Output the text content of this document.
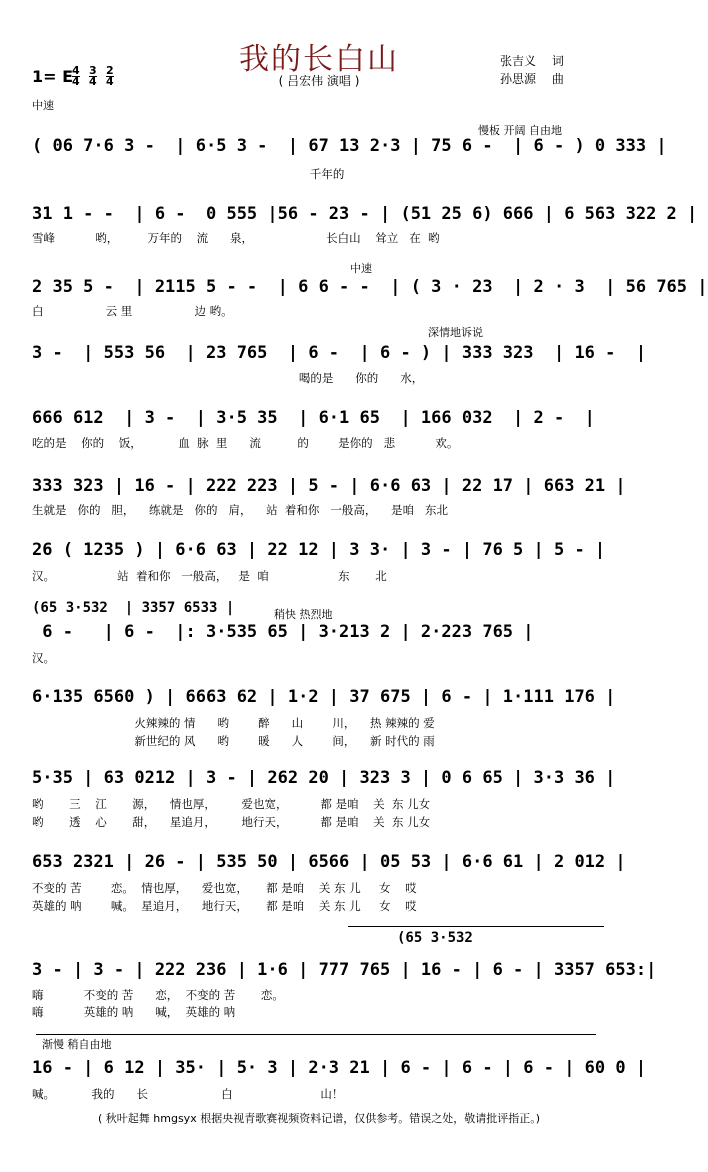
我的长白山
( 吕宏伟 演唱 )
张吉义　 词
孙思源　 曲
1= E
4
4
3
4
2
4
中速
慢板 开阔 自由地
( 06 7·6 3 -  | 6·5 3 -  | 67 13 2·3 | 75 6 -  | 6 - ) 0 333 |
千年的
31 1 - -  | 6 -  0 555 |56 - 23 - | (51 25 6) 666 | 6 563 322 2 |
雪峰           哟，        万年的    流      泉，                    长白山    耸立   在  哟
中速
2 35 5 -  | 2115 5 - -  | 6 6 - -  | ( 3 · 23  | 2 · 3  | 56 765 |
白                 云 里                 边 哟。
深情地诉说
3 -  | 553 56  | 23 765  | 6 -  | 6 - ) | 333 323  | 16 -  |
喝的是      你的      水，
666 612  | 3 -  | 3·5 35  | 6·1 65  | 166 032  | 2 -  |
吃的是    你的    饭，          血  脉  里      流          的        是你的   悲           欢。
333 323 | 16 - | 222 223 | 5 - | 6·6 63 | 22 17 | 663 21 |
生就是   你的   胆，    练就是   你的   肩，    站  着和你   一般高，    是咱   东北
26 ( 1235 ) | 6·6 63 | 22 12 | 3 3· | 3 - | 76 5 | 5 - |
汉。                 站  着和你   一般高，   是  咱                   东       北
(65 3·532  | 3357 6533 |	稍快 热烈地
6 -   | 6 -  |: 3·535 65 | 3·213 2 | 2·223 765 |
汉。
6·135 6560 ) | 6663 62 | 1·2 | 37 675 | 6 - | 1·111 176 |
火辣辣的 情      哟        醉      山        川，    热 辣辣的 爱
新世纪的 风      哟        暖      人        间，    新 时代的 雨
5·35 | 63 0212 | 3 - | 262 20 | 323 3 | 0 6 65 | 3·3 36 |
哟       三    江       源，    情也厚，       爱也宽，         都 是咱    关  东 儿女
哟       透    心       甜，    星追月，       地行天，         都 是咱    关  东 儿女
653 2321 | 26 - | 535 50 | 6566 | 05 53 | 6·6 61 | 2 012 |
不变的 苦        恋。  情也厚，    爱也宽，     都 是咱    关 东 儿     女    哎
英雄的 呐        喊。  星追月，    地行天，     都 是咱    关 东 儿     女    哎
(65 3·532
3 - | 3 - | 222 236 | 1·6 | 777 765 | 16 - | 6 - | 3357 653:|
嗨           不变的 苦      恋，  不变的 苦       恋。
嗨           英雄的 呐      喊，  英雄的 呐
渐慢 稍自由地
16 - | 6 12 | 35· | 5· 3 | 2·3 21 | 6 - | 6 - | 6 - | 60 0 |
喊。          我的      长                    白                        山！
( 秋叶起舞 hmgsyx 根据央视青歌赛视频资料记谱，仅供参考。错误之处，敬请批评指正。)
